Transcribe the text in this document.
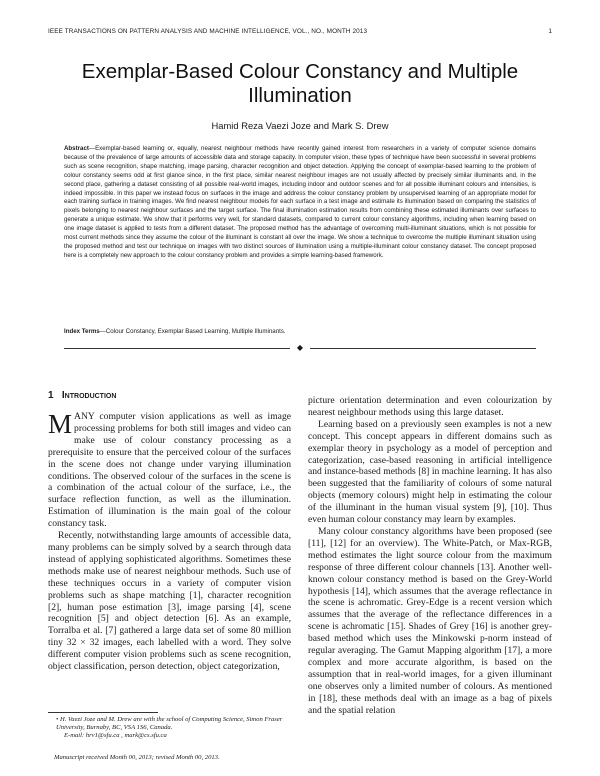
IEEE TRANSACTIONS ON PATTERN ANALYSIS AND MACHINE INTELLIGENCE, VOL., NO., MONTH 2013	1
Exemplar-Based Colour Constancy and Multiple Illumination
Hamid Reza Vaezi Joze and Mark S. Drew

Abstract—Exemplar-based learning or, equally, nearest neighbour methods have recently gained interest from researchers in a variety of computer science domains because of the prevalence of large amounts of accessible data and storage capacity. In computer vision, these types of technique have been successful in several problems such as scene recognition, shape matching, image parsing, character recognition and object detection. Applying the concept of exemplar-based learning to the problem of colour constancy seems odd at first glance since, in the first place, similar nearest neighbour images are not usually affected by precisely similar illuminants and, in the second place, gathering a dataset consisting of all possible real-world images, including indoor and outdoor scenes and for all possible illuminant colours and intensities, is indeed impossible. In this paper we instead focus on surfaces in the image and address the colour constancy problem by unsupervised learning of an appropriate model for each training surface in training images. We find nearest neighbour models for each surface in a test image and estimate its illumination based on comparing the statistics of pixels belonging to nearest neighbour surfaces and the target surface. The final illumination estimation results from combining these estimated illuminants over surfaces to generate a unique estimate. We show that it performs very well, for standard datasets, compared to current colour constancy algorithms, including when learning based on one image dataset is applied to tests from a different dataset. The proposed method has the advantage of overcoming multi-illuminant situations, which is not possible for most current methods since they assume the colour of the illuminant is constant all over the image. We show a technique to overcome the multiple illuminant situation using the proposed method and test our technique on images with two distinct sources of illumination using a multiple-illuminant colour constancy dataset. The concept proposed here is a completely new approach to the colour constancy problem and provides a simple learning-based framework.

Index Terms—Colour Constancy, Exemplar Based Learning, Multiple Illuminants.
◆
1 Introduction

MANY computer vision applications as well as image processing problems for both still images and video can make use of colour constancy processing as a prerequisite to ensure that the perceived colour of the surfaces in the scene does not change under varying illumination conditions. The observed colour of the surfaces in the scene is a combination of the actual colour of the surface, i.e., the surface reflection function, as well as the illumination. Estimation of illumination is the main goal of the colour constancy task.

Recently, notwithstanding large amounts of accessible data, many problems can be simply solved by a search through data instead of applying sophisticated algorithms. Sometimes these methods make use of nearest neighbour methods. Such use of these techniques occurs in a variety of computer vision problems such as shape matching [1], character recognition [2], human pose estimation [3], image parsing [4], scene recognition [5] and object detection [6]. As an example, Torralba et al. [7] gathered a large data set of some 80 million tiny 32 × 32 images, each labelled with a word. They solve different computer vision problems such as scene recognition, object classification, person detection, object categorization,

picture orientation determination and even colourization by nearest neighbour methods using this large dataset.

Learning based on a previously seen examples is not a new concept. This concept appears in different domains such as exemplar theory in psychology as a model of perception and categorization, case-based reasoning in artificial intelligence and instance-based methods [8] in machine learning. It has also been suggested that the familiarity of colours of some natural objects (memory colours) might help in estimating the colour of the illuminant in the human visual system [9], [10]. Thus even human colour constancy may learn by examples.

Many colour constancy algorithms have been proposed (see [11], [12] for an overview). The White-Patch, or Max-RGB, method estimates the light source colour from the maximum response of three different colour channels [13]. Another well-known colour constancy method is based on the Grey-World hypothesis [14], which assumes that the average reflectance in the scene is achromatic. Grey-Edge is a recent version which assumes that the average of the reflectance differences in a scene is achromatic [15]. Shades of Grey [16] is another grey-based method which uses the Minkowski p-norm instead of regular averaging. The Gamut Mapping algorithm [17], a more complex and more accurate algorithm, is based on the assumption that in real-world images, for a given illuminant one observes only a limited number of colours. As mentioned in [18], these methods deal with an image as a bag of pixels and the spatial relation

• H. Vaezi Joze and M. Drew are with the school of Computing Science, Simon Fraser University, Burnaby, BC, VSA 1S6, Canada.
E-mail: hrv1@sfu.ca , mark@cs.sfu.ca
Manuscript received Month 00, 2013; revised Month 00, 2013.
